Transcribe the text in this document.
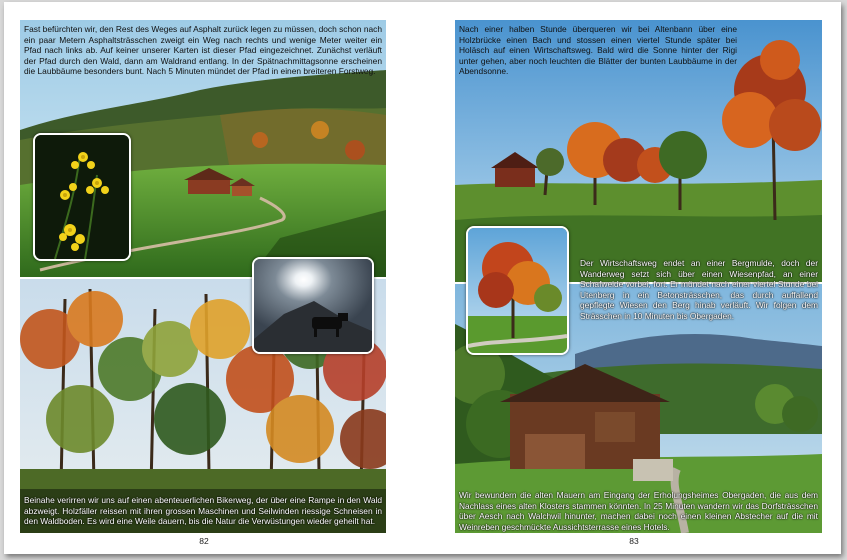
Fast befürchten wir, den Rest des Weges auf Asphalt zurück legen zu müssen, doch schon nach ein paar Metern Asphaltsträsschen zweigt ein Weg nach rechts und wenige Meter weiter ein Pfad nach links ab. Auf keiner unserer Karten ist dieser Pfad eingezeichnet. Zunächst verläuft der Pfad durch den Wald, dann am Waldrand entlang. In der Spätnachmittagsonne erscheinen die Laubbäume besonders bunt. Nach 5 Minuten mündet der Pfad in einen breiteren Forstweg.

Beinahe verirren wir uns auf einen abenteuerlichen Bikerweg, der über eine Rampe in den Wald abzweigt. Holzfäller reissen mit ihren grossen Maschinen und Seilwinden riessige Schneisen in den Waldboden. Es wird eine Weile dauern, bis die Natur die Verwüstungen wieder geheilt hat.

82

Nach einer halben Stunde überqueren wir bei Altenbann über eine Holzbrücke einen Bach und stossen einen viertel Stunde später bei Holäsch auf einen Wirtschaftsweg. Bald wird die Sonne hinter der Rigi unter gehen, aber noch leuchten die Blätter der bunten Laubbäume in der Abendsonne.

Wir bewundern die alten Mauern am Eingang der Erholungsheimes Obergaden, die aus dem Nachlass eines alten Klosters stammen könnten. In 25 Minuten wandern wir das Dorfsträsschen über Aesch nach Walchwil hinunter, machen dabei noch einen kleinen Abstecher auf die mit Weinreben geschmückte Aussichtsterrasse eines Hotels.

Der Wirtschaftsweg endet an einer Bergmulde, doch der Wanderweg setzt sich über einen Wiesenpfad, an einer Schafweide vorbei, fort. Er mündet nach einer viertel Stunde bei Utenberg in ein Betonsträsschen, das durch auffallend gepflegte Wiesen den Berg hinab verläuft. Wir folgen dem Strässchen in 10 Minuten bis Obergaden.

83
